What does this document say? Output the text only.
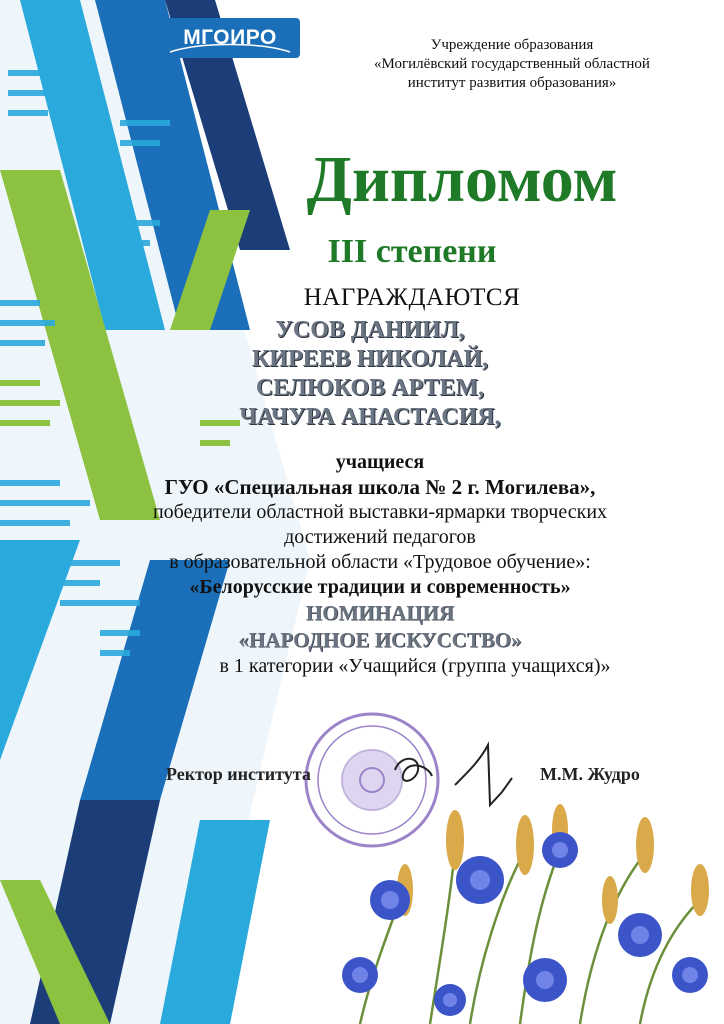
МГОИРО	Учреждение образования
«Могилёвский государственный областной
институт развития образования»
Дипломом
III степени
НАГРАЖДАЮТСЯ
УСОВ ДАНИИЛ,
КИРЕЕВ НИКОЛАЙ,
СЕЛЮКОВ АРТЕМ,
ЧАЧУРА АНАСТАСИЯ,
учащиеся
ГУО «Специальная школа № 2 г. Могилева»,
победители областной выставки-ярмарки творческих
достижений педагогов
в образовательной области «Трудовое обучение»:
«Белорусские традиции и современность»
НОМИНАЦИЯ
«НАРОДНОЕ ИСКУССТВО»
в 1 категории «Учащийся (группа учащихся)»
Ректор института	М.М. Жудро
